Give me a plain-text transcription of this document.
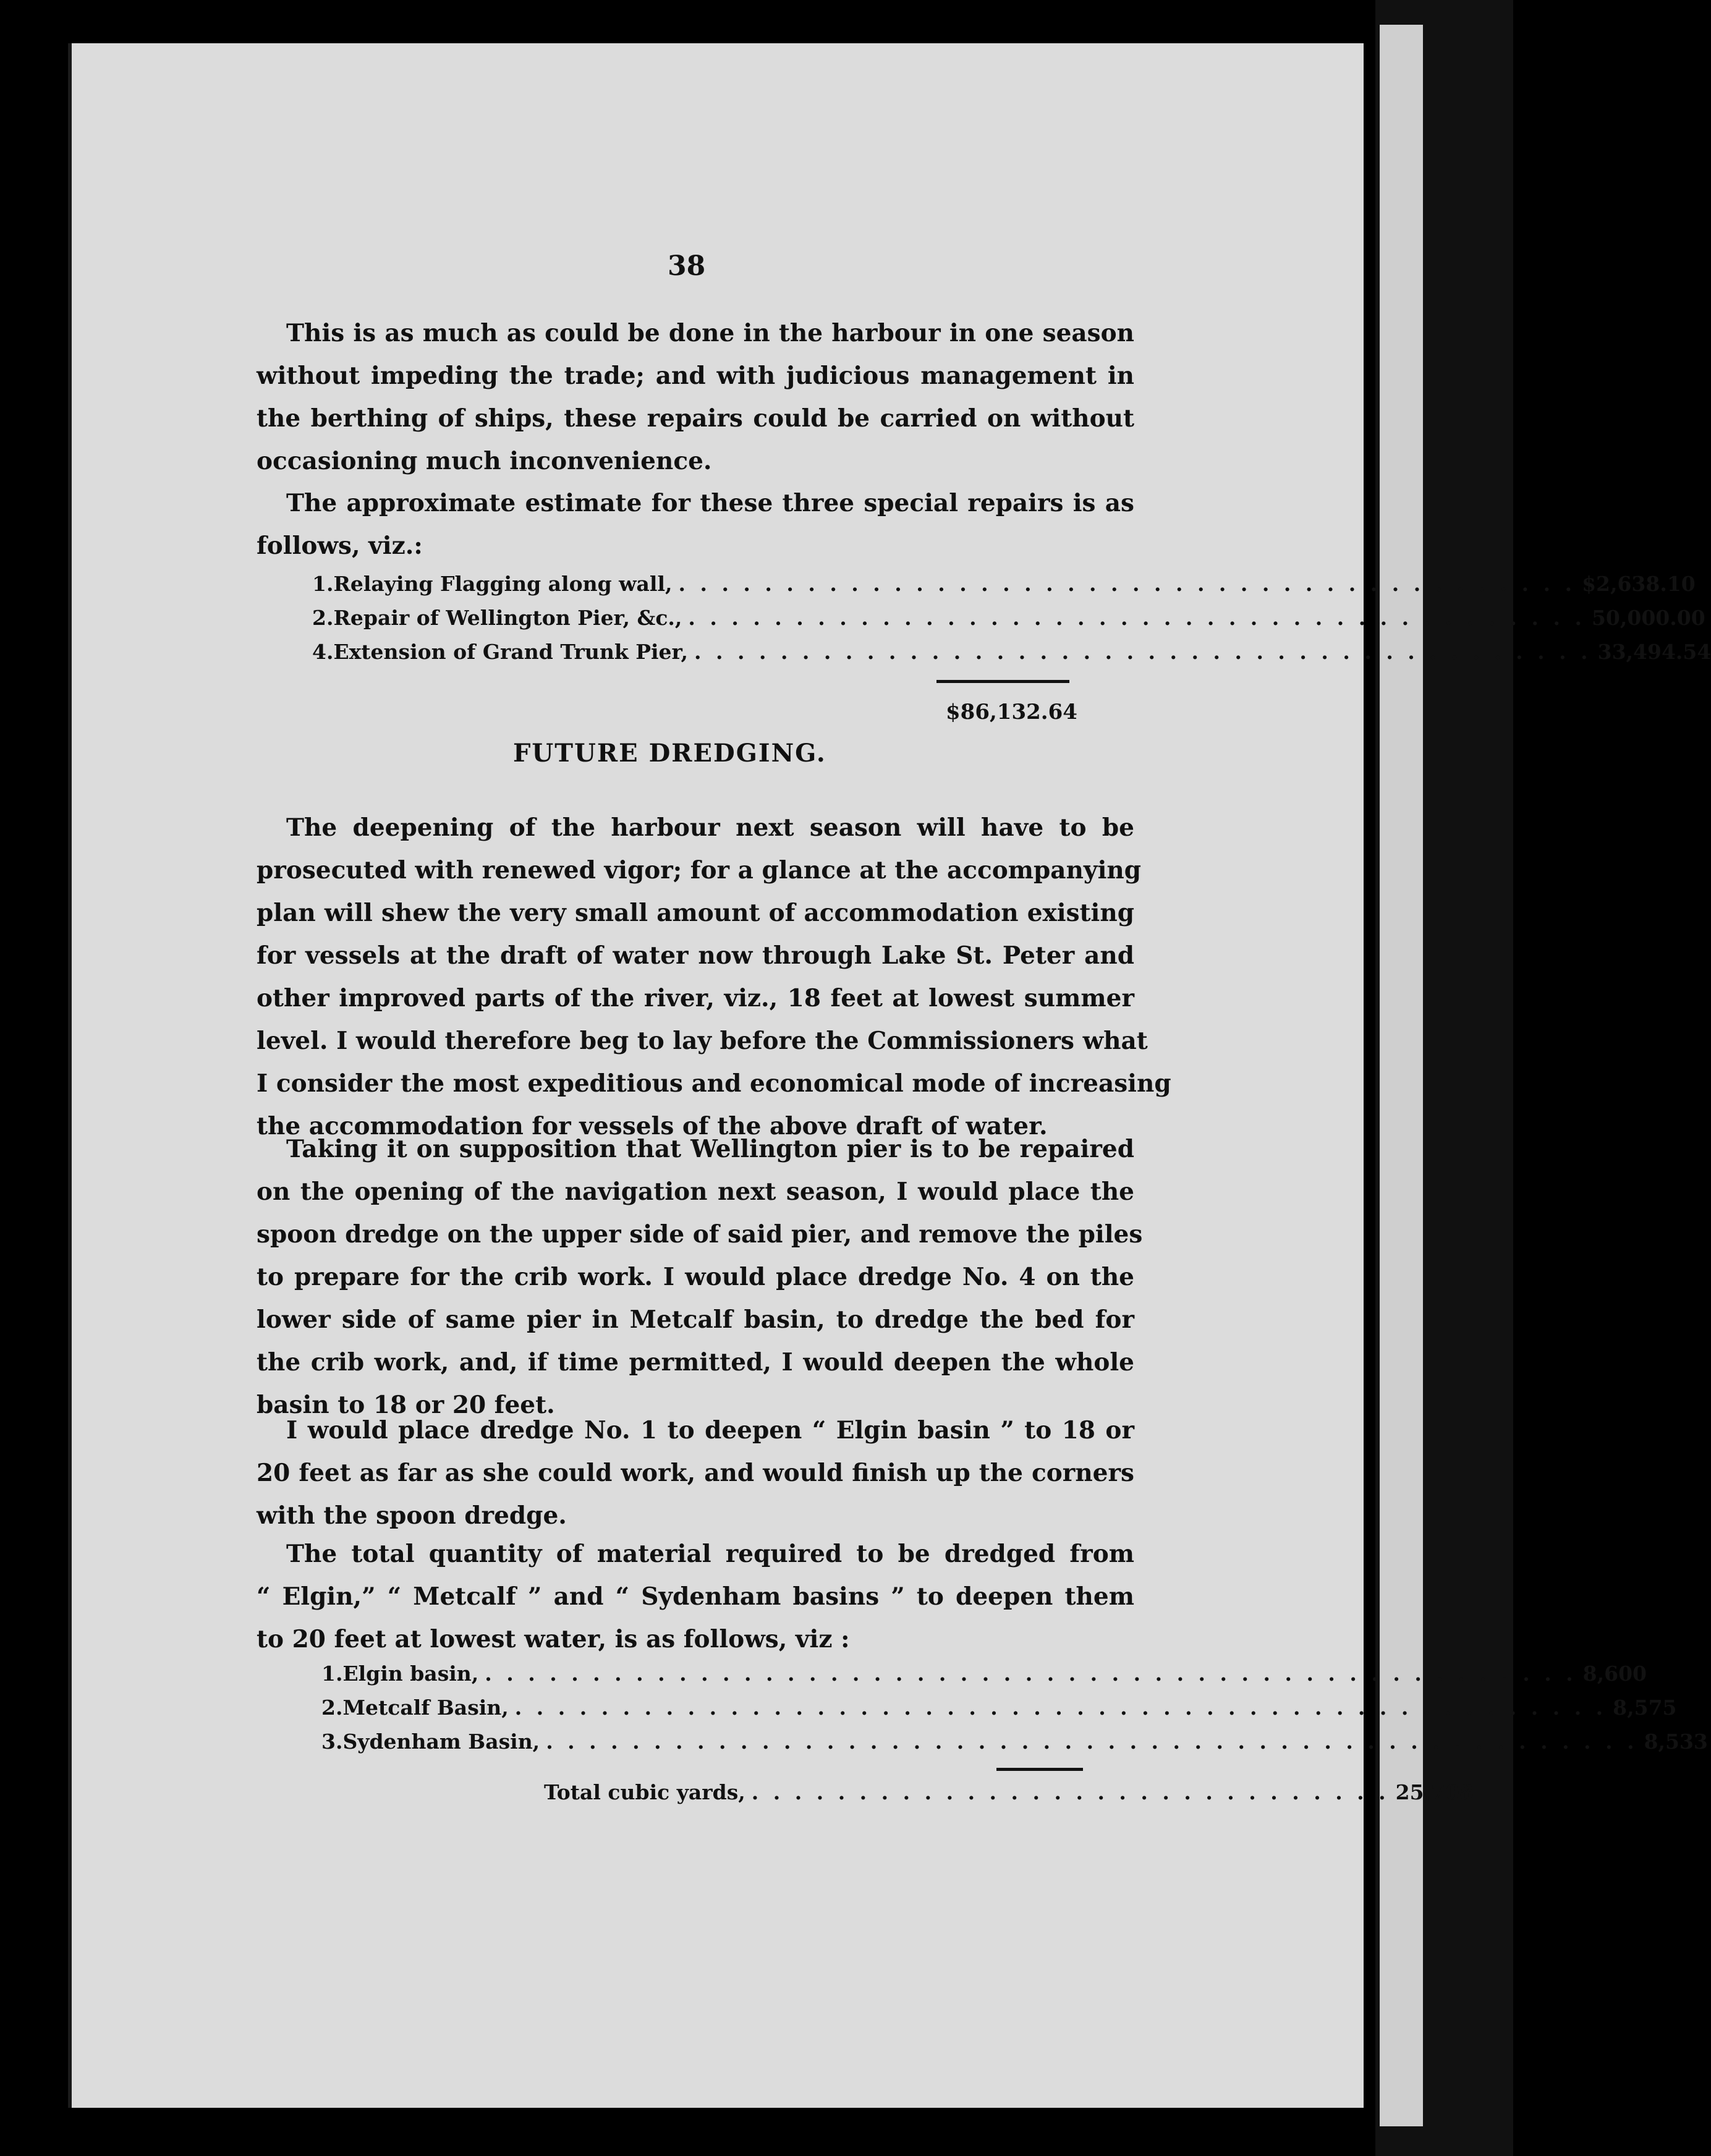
38
This is as much as could be done in the harbour in one season
without impeding the trade; and with judicious management in
the berthing of ships, these repairs could be carried on without
occasioning much inconvenience.
The approximate estimate for these three special repairs is as
follows, viz.:
1. Relaying Flagging along wall, . . . . . . . . . . . . . . . . . . . . . . . . . . . . . . . . . . . . . . . . . . $2,638.10
2. Repair of Wellington Pier, &c., . . . . . . . . . . . . . . . . . . . . . . . . . . . . . . . . . . . . . . . . . . 50,000.00
4. Extension of Grand Trunk Pier, . . . . . . . . . . . . . . . . . . . . . . . . . . . . . . . . . . . . . . . . . . 33,494.54
$86,132.64
FUTURE DREDGING.
The deepening of the harbour next season will have to be
prosecuted with renewed vigor; for a glance at the accompanying
plan will shew the very small amount of accommodation existing
for vessels at the draft of water now through Lake St. Peter and
other improved parts of the river, viz., 18 feet at lowest summer
level. I would therefore beg to lay before the Commissioners what
I consider the most expeditious and economical mode of increasing
the accommodation for vessels of the above draft of water.
Taking it on supposition that Wellington pier is to be repaired
on the opening of the navigation next season, I would place the
spoon dredge on the upper side of said pier, and remove the piles
to prepare for the crib work. I would place dredge No. 4 on the
lower side of same pier in Metcalf basin, to dredge the bed for
the crib work, and, if time permitted, I would deepen the whole
basin to 18 or 20 feet.
I would place dredge No. 1 to deepen “ Elgin basin ” to 18 or
20 feet as far as she could work, and would finish up the corners
with the spoon dredge.
The total quantity of material required to be dredged from
“ Elgin,” “ Metcalf ” and “ Sydenham basins ” to deepen them
to 20 feet at lowest water, is as follows, viz :
1. Elgin basin, . . . . . . . . . . . . . . . . . . . . . . . . . . . . . . . . . . . . . . . . . . . . . . . . . . . 8,600
2. Metcalf Basin, . . . . . . . . . . . . . . . . . . . . . . . . . . . . . . . . . . . . . . . . . . . . . . . . . . . 8,575
3. Sydenham Basin, . . . . . . . . . . . . . . . . . . . . . . . . . . . . . . . . . . . . . . . . . . . . . . . . . . . 8,533
Total cubic yards, . . . . . . . . . . . . . . . . . . . . . . . . . . . . . . 25,708
